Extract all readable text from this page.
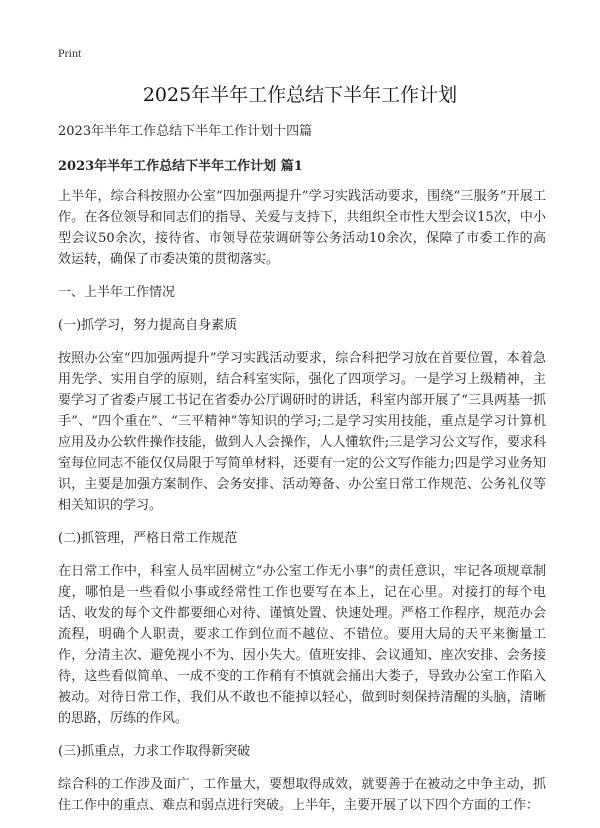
Print
2025年半年工作总结下半年工作计划

2023年半年工作总结下半年工作计划十四篇

2023年半年工作总结下半年工作计划 篇1

上半年，综合科按照办公室“四加强两提升”学习实践活动要求，围绕“三服务”开展工作。在各位领导和同志们的指导、关爱与支持下，共组织全市性大型会议15次，中小型会议50余次，接待省、市领导莅荥调研等公务活动10余次，保障了市委工作的高效运转，确保了市委决策的贯彻落实。

一、上半年工作情况

(一)抓学习，努力提高自身素质

按照办公室“四加强两提升”学习实践活动要求，综合科把学习放在首要位置，本着急用先学、实用自学的原则，结合科室实际，强化了四项学习。一是学习上级精神，主要学习了省委卢展工书记在省委办公厅调研时的讲话，科室内部开展了“三具两基一抓手”、“四个重在”、“三平精神”等知识的学习;二是学习实用技能，重点是学习计算机应用及办公软件操作技能，做到人人会操作，人人懂软件;三是学习公文写作，要求科室每位同志不能仅仅局限于写简单材料，还要有一定的公文写作能力;四是学习业务知识，主要是加强方案制作、会务安排、活动筹备、办公室日常工作规范、公务礼仪等相关知识的学习。

(二)抓管理，严格日常工作规范

在日常工作中，科室人员牢固树立“办公室工作无小事”的责任意识，牢记各项规章制度，哪怕是一些看似小事或经常性工作也要写在本上，记在心里。对接打的每个电话、收发的每个文件都要细心对待、谨慎处置、快速处理。严格工作程序，规范办会流程，明确个人职责，要求工作到位而不越位、不错位。要用大局的天平来衡量工作，分清主次、避免视小不为、因小失大。值班安排、会议通知、座次安排、会务接待，这些看似简单、一成不变的工作稍有不慎就会捅出大娄子，导致办公室工作陷入被动。对待日常工作，我们从不敢也不能掉以轻心，做到时刻保持清醒的头脑，清晰的思路，厉练的作风。

(三)抓重点，力求工作取得新突破

综合科的工作涉及面广，工作量大，要想取得成效，就要善于在被动之中争主动，抓住工作中的重点、难点和弱点进行突破。上半年，主要开展了以下四个方面的工作：
